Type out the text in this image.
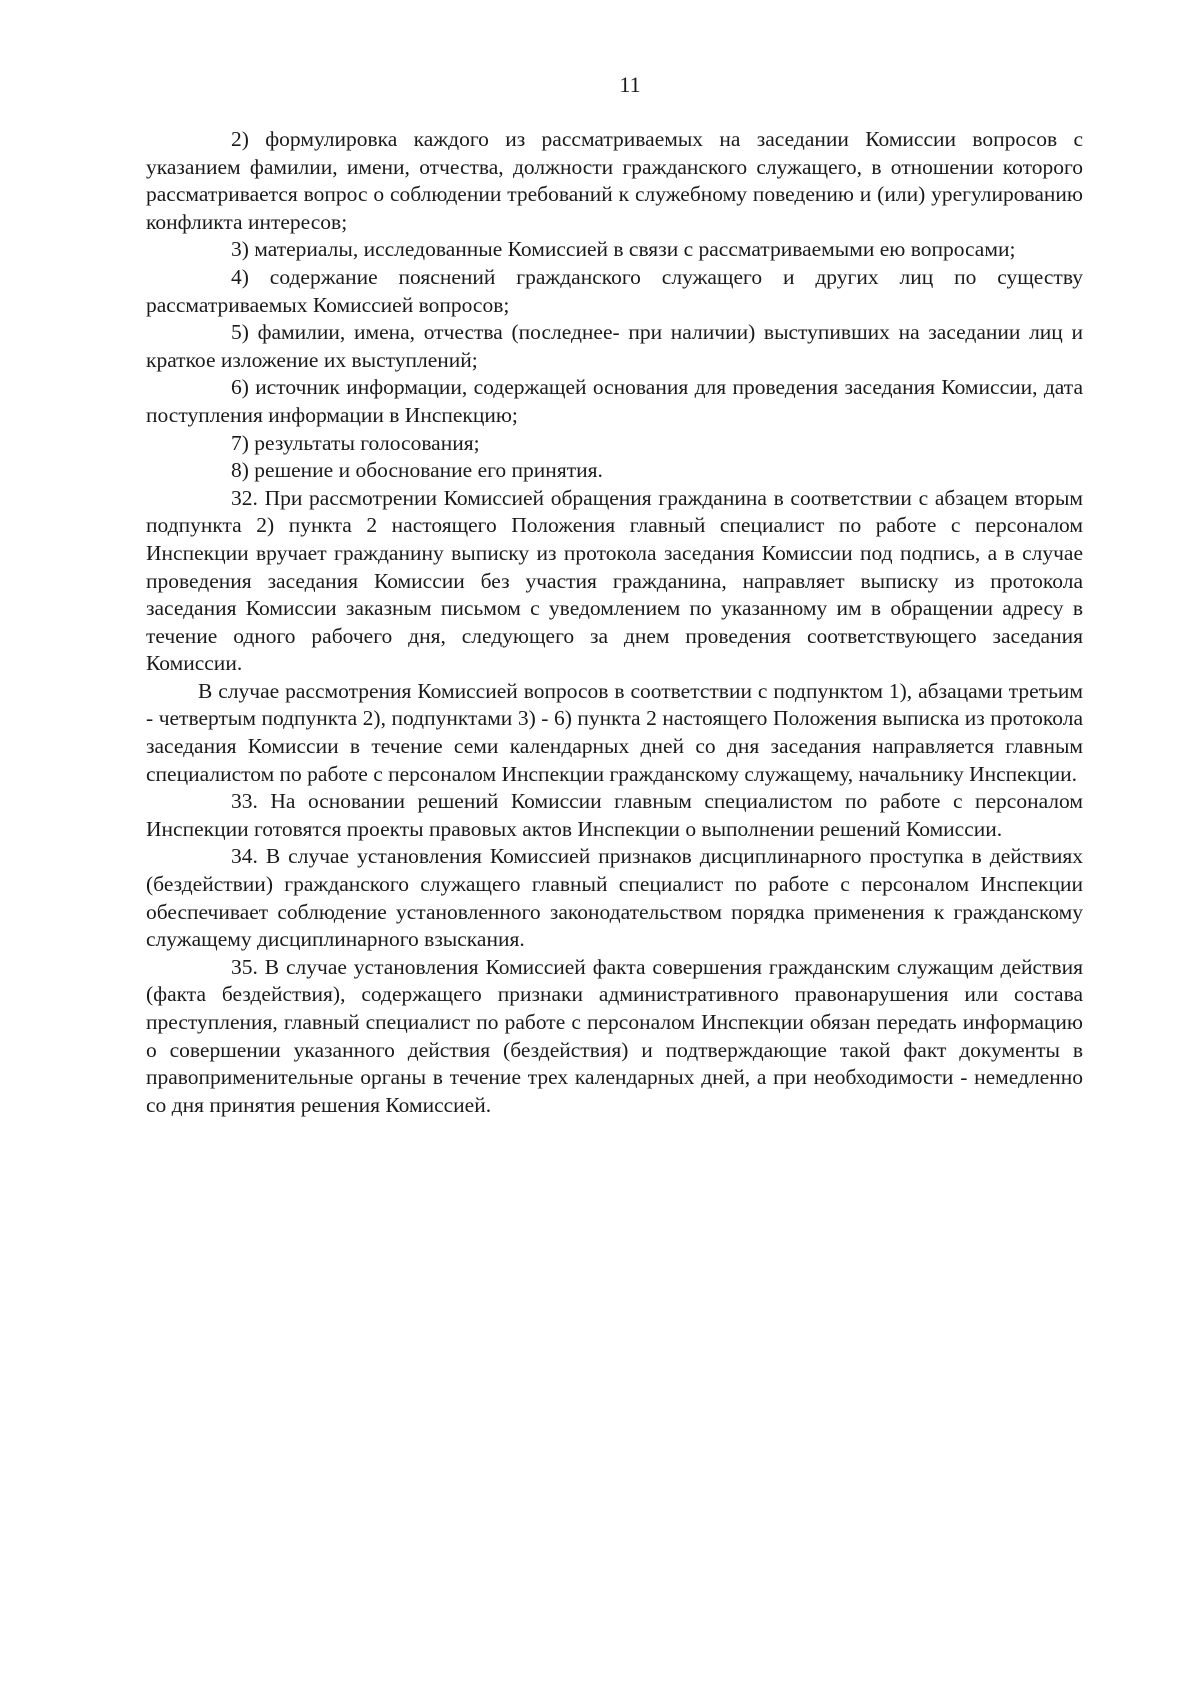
11

2) формулировка каждого из рассматриваемых на заседании Комиссии вопросов с указанием фамилии, имени, отчества, должности гражданского служащего, в отношении которого рассматривается вопрос о соблюдении требований к служебному поведению и (или) урегулированию конфликта интересов;

3) материалы, исследованные Комиссией в связи с рассматриваемыми ею вопросами;

4) содержание пояснений гражданского служащего и других лиц по существу рассматриваемых Комиссией вопросов;

5) фамилии, имена, отчества (последнее- при наличии) выступивших на заседании лиц и краткое изложение их выступлений;

6) источник информации, содержащей основания для проведения заседания Комиссии, дата поступления информации в Инспекцию;

7) результаты голосования;

8) решение и обоснование его принятия.

32. При рассмотрении Комиссией обращения гражданина в соответствии с абзацем вторым подпункта 2) пункта 2 настоящего Положения главный специалист по работе с персоналом Инспекции вручает гражданину выписку из протокола заседания Комиссии под подпись, а в случае проведения заседания Комиссии без участия гражданина, направляет выписку из протокола заседания Комиссии заказным письмом с уведомлением по указанному им в обращении адресу в течение одного рабочего дня, следующего за днем проведения соответствующего заседания Комиссии.

В случае рассмотрения Комиссией вопросов в соответствии с подпунктом 1), абзацами третьим - четвертым подпункта 2), подпунктами 3) - 6) пункта 2 настоящего Положения выписка из протокола заседания Комиссии в течение семи календарных дней со дня заседания направляется главным специалистом по работе с персоналом Инспекции гражданскому служащему, начальнику Инспекции.

33. На основании решений Комиссии главным специалистом по работе с персоналом Инспекции готовятся проекты правовых актов Инспекции о выполнении решений Комиссии.

34. В случае установления Комиссией признаков дисциплинарного проступка в действиях (бездействии) гражданского служащего главный специалист по работе с персоналом Инспекции обеспечивает соблюдение установленного законодательством порядка применения к гражданскому служащему дисциплинарного взыскания.

35. В случае установления Комиссией факта совершения гражданским служащим действия (факта бездействия), содержащего признаки административного правонарушения или состава преступления, главный специалист по работе с персоналом Инспекции обязан передать информацию о совершении указанного действия (бездействия) и подтверждающие такой факт документы в правоприменительные органы в течение трех календарных дней, а при необходимости - немедленно со дня принятия решения Комиссией.
